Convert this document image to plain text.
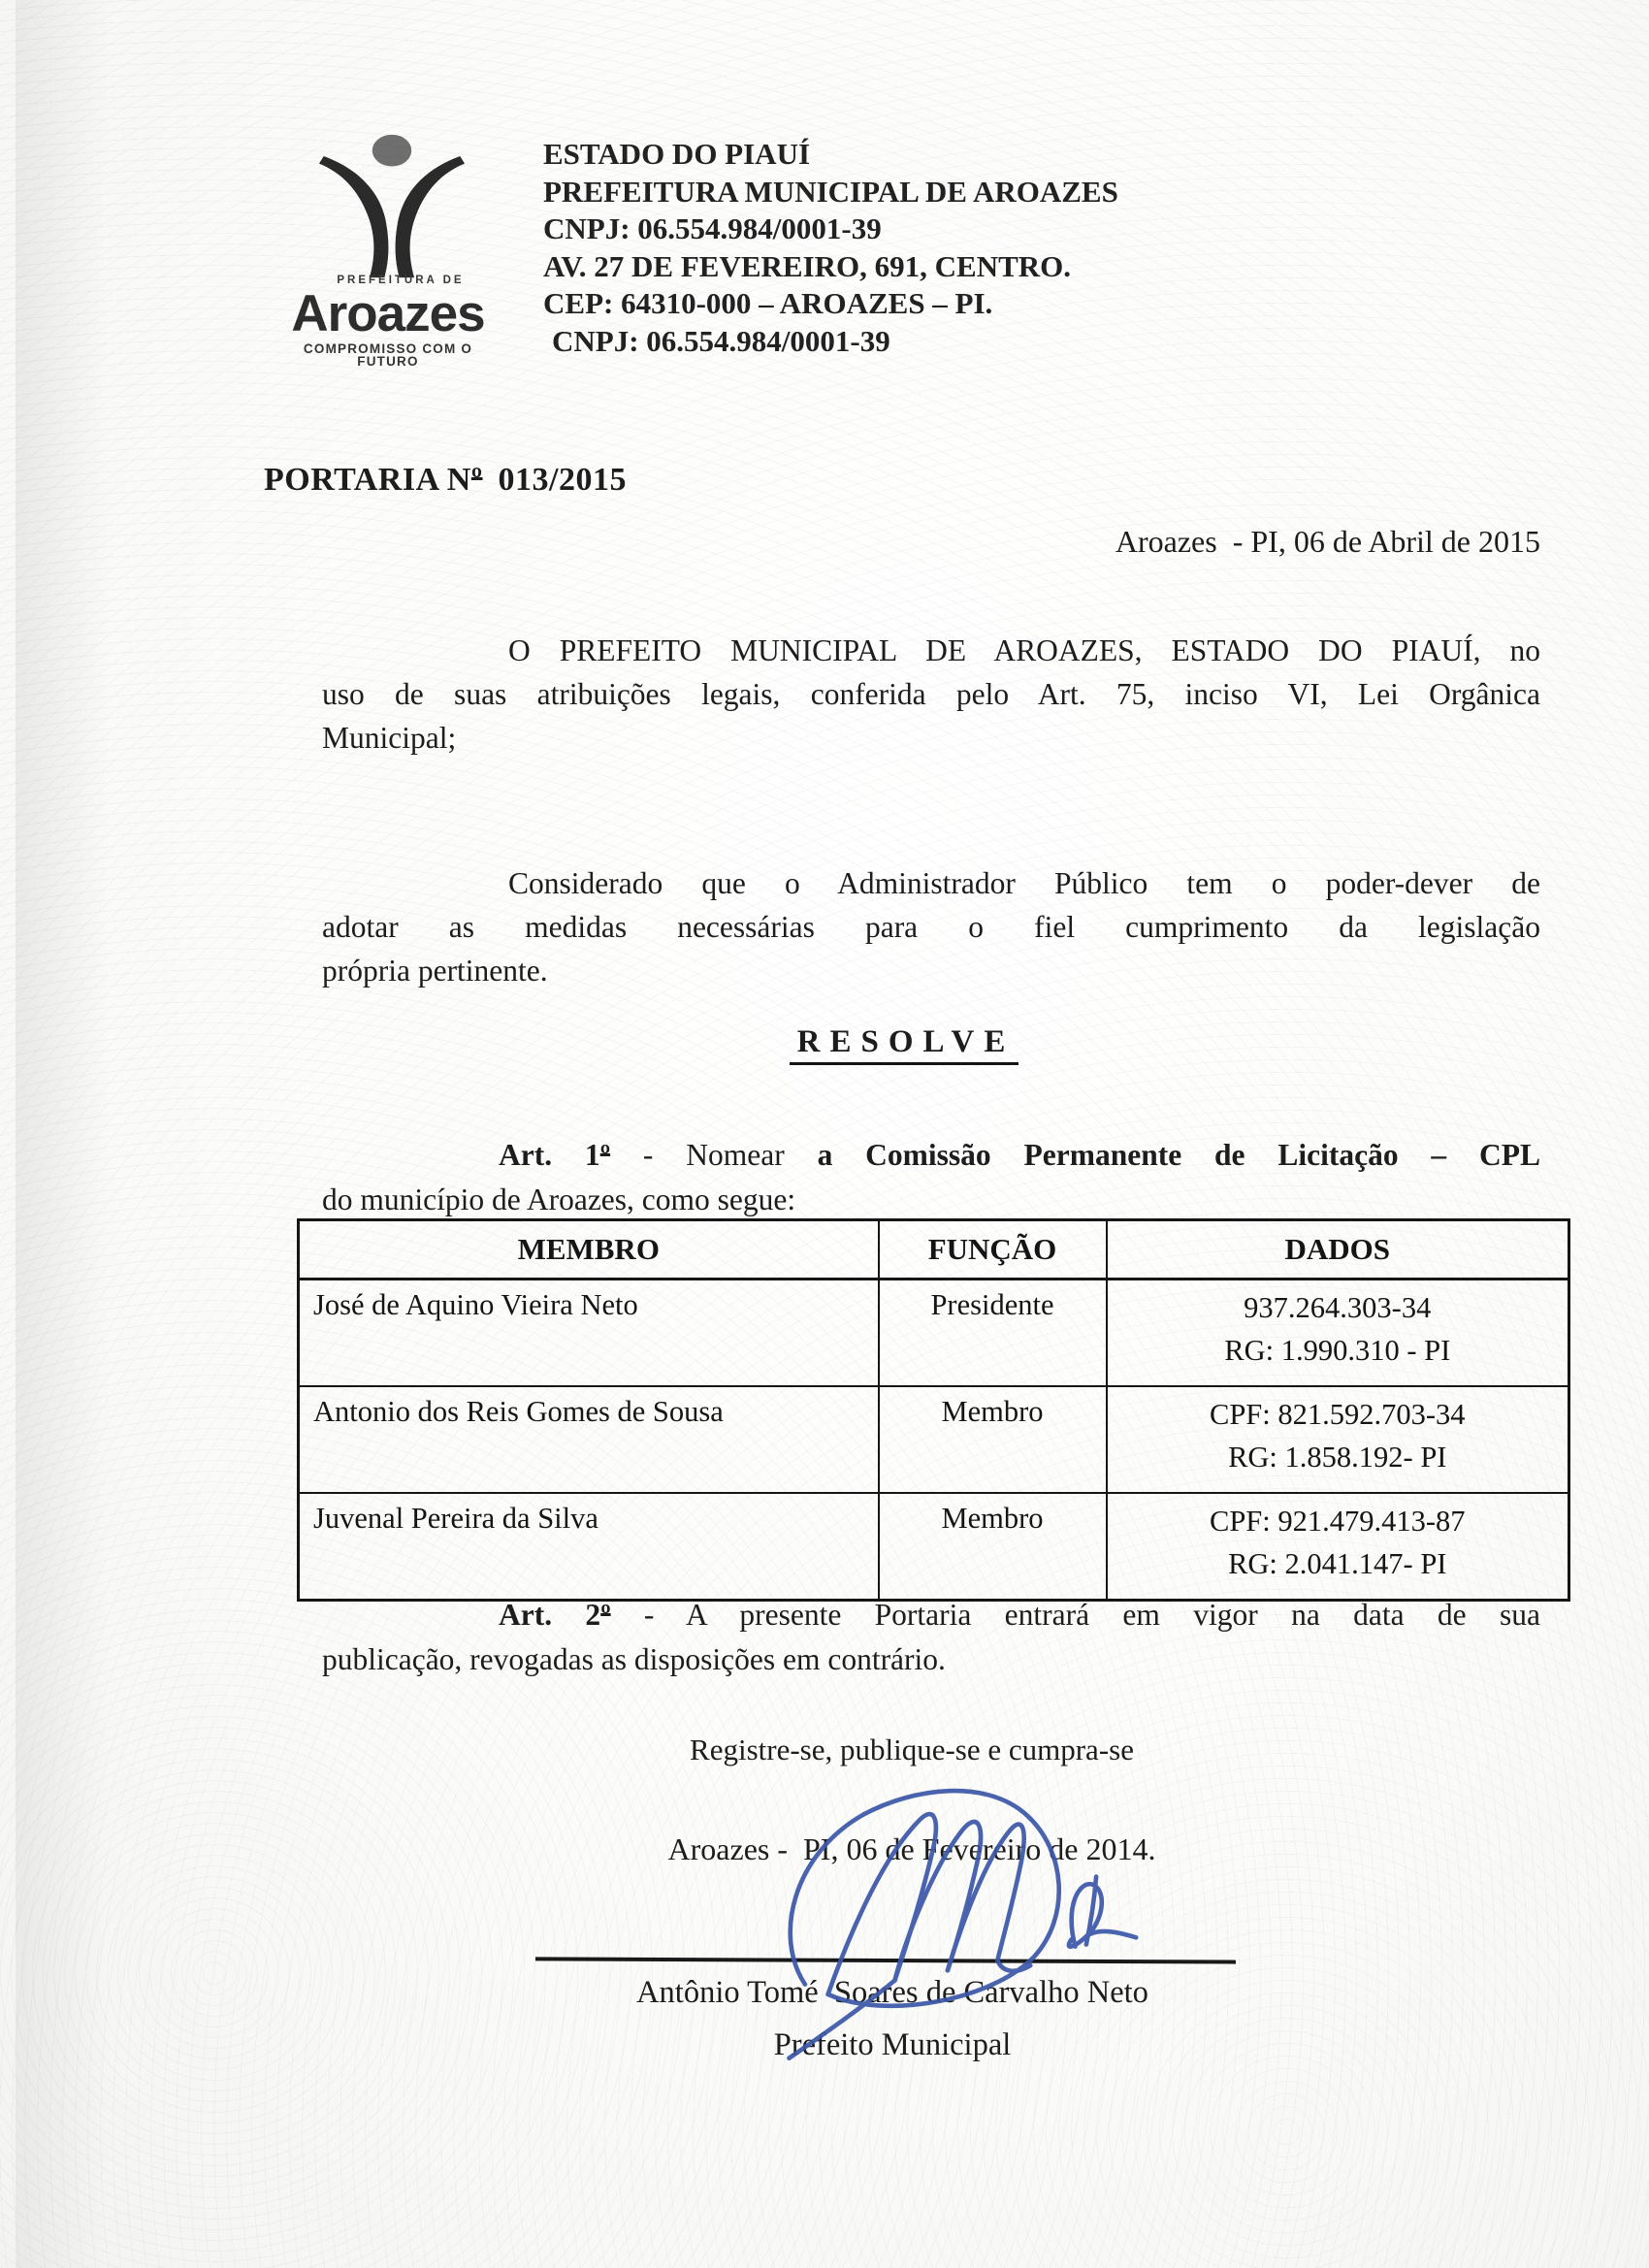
PREFEITURA DE
Aroazes
COMPROMISSO COM O FUTURO
ESTADO DO PIAUÍ
PREFEITURA MUNICIPAL DE AROAZES
CNPJ: 06.554.984/0001-39
AV. 27 DE FEVEREIRO, 691, CENTRO.
CEP: 64310-000 – AROAZES – PI.
CNPJ: 06.554.984/0001-39
PORTARIA Nº 013/2015
Aroazes  - PI, 06 de Abril de 2015
O PREFEITO MUNICIPAL DE AROAZES, ESTADO DO PIAUÍ, no
uso de suas atribuições legais, conferida pelo Art. 75, inciso VI, Lei Orgânica
Municipal;
Considerado que o Administrador Público tem o poder-dever de
adotar as medidas necessárias para o fiel cumprimento da legislação
própria pertinente.
RESOLVE
Art. 1º - Nomear a Comissão Permanente de Licitação – CPL
do município de Aroazes, como segue:
MEMBRO	FUNÇÃO	DADOS
José de Aquino Vieira Neto	Presidente	937.264.303-34
RG: 1.990.310 - PI

Antonio dos Reis Gomes de Sousa	Membro	CPF: 821.592.703-34
RG: 1.858.192- PI

Juvenal Pereira da Silva	Membro	CPF: 921.479.413-87
RG: 2.041.147- PI
Art. 2º - A presente Portaria entrará em vigor na data de sua
publicação, revogadas as disposições em contrário.
Registre-se, publique-se e cumpra-se
Aroazes -  PI, 06 de Fevereiro de 2014.
Antônio Tomé  Soares de Carvalho Neto
Prefeito Municipal
